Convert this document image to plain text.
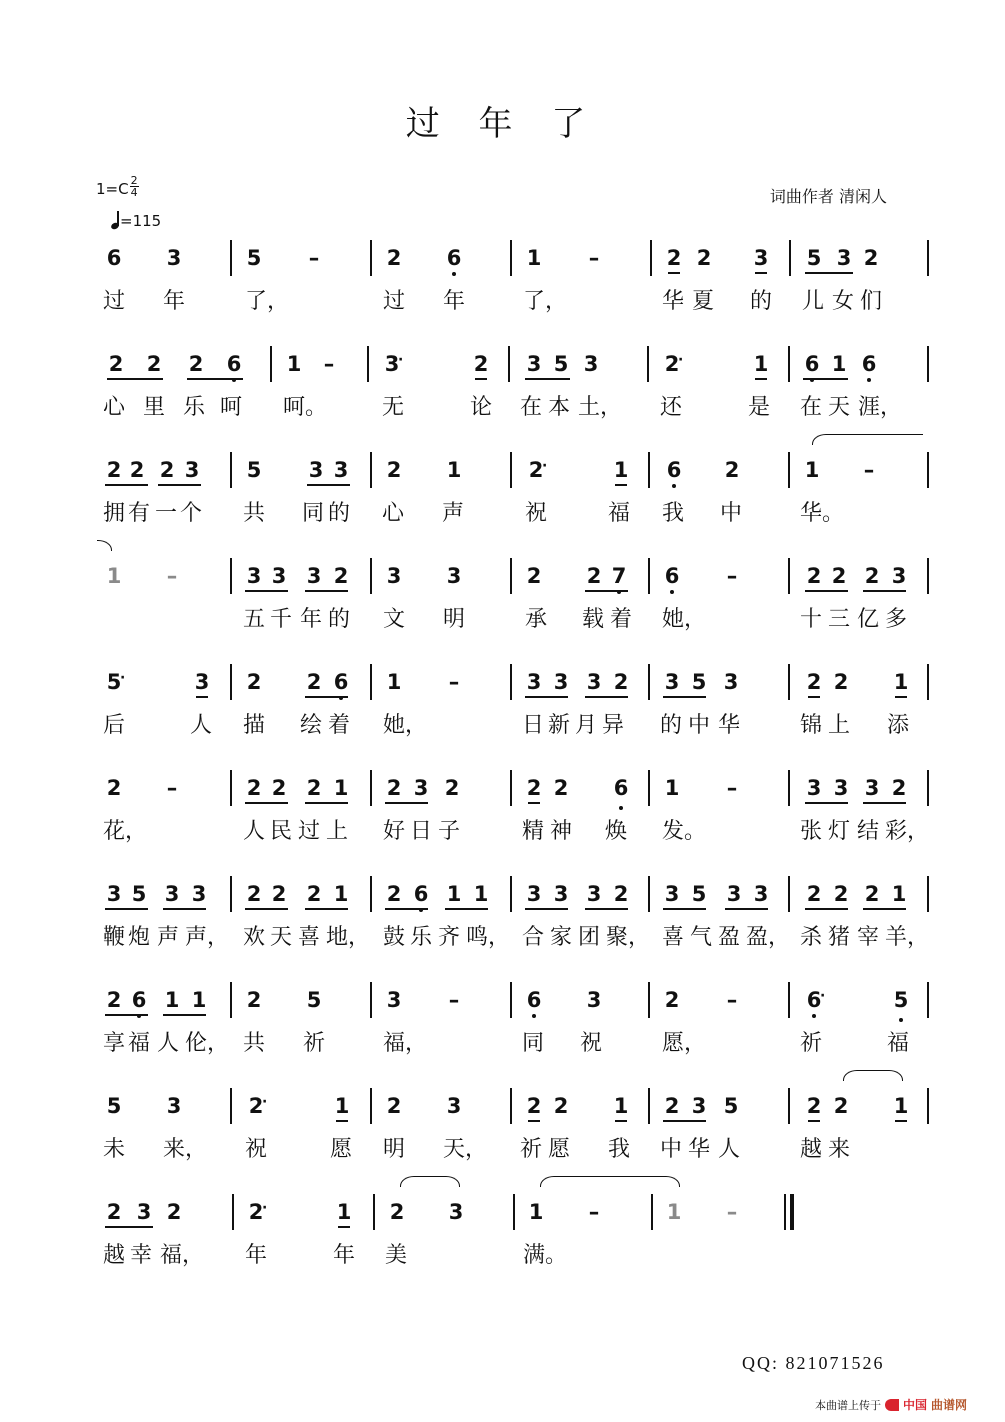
过 年 了
$1=C \frac{2}{4}$
=115
词曲作者 清闲人
6 3	5 –	2 6	1 –	2 2 3 5 3 2
过 年	了，	过 年	了，	华 夏 的 儿 女 们
2 2 2 6 1 – 3
·	2 3 5 3	2
·	1 6 1 6
心 里 乐 呵 呵。 无	论 在 本 土， 还	是 在 天 涯，
2 2 2 3 5 3 3 2 1	2
·	1 6 2	1 –
拥 有 一 个 共 同 的 心 声	祝	福 我 中	华。
1 –	3 3 3 2 3 3	2 2 7 6 –	2 2 2 3
五 千 年 的 文 明	承 载 着 她，	十 三 亿 多
5
·	3 2 2 6 1 –	3 3 3 2 3 5 3	2 2 1
后	人 描 绘 着 她，	日 新 月 异 的 中 华	锦 上 添
2 –	2 2 2 1 2 3 2	2 2 6 1 –	3 3 3 2
花，	人 民 过 上 好 日 子	精 神 焕 发。	张 灯 结 彩，
3 5 3 3 2 2 2 1 2 6 1 1 3 3 3 2 3 5 3 3 2 2 2 1
鞭 炮 声 声， 欢 天 喜 地， 鼓 乐 齐 鸣， 合 家 团 聚， 喜 气 盈 盈， 杀 猪 宰 羊，
2 6 1 1 2 5	3 –	6 3	2 –	6
·	5
享 福 人 伦， 共 祈	福，	同 祝	愿，	祈	福
5 3	2
·	1 2 3	2 2 1 2 3 5	2 2 1
未 来， 祝	愿 明 天， 祈 愿 我 中 华 人	越 来
2 3 2	2
·	1 2 3	1 –	1 –
越 幸 福， 年	年 美	满。
QQ: 821071526
本曲谱上传于 中国 曲谱网
